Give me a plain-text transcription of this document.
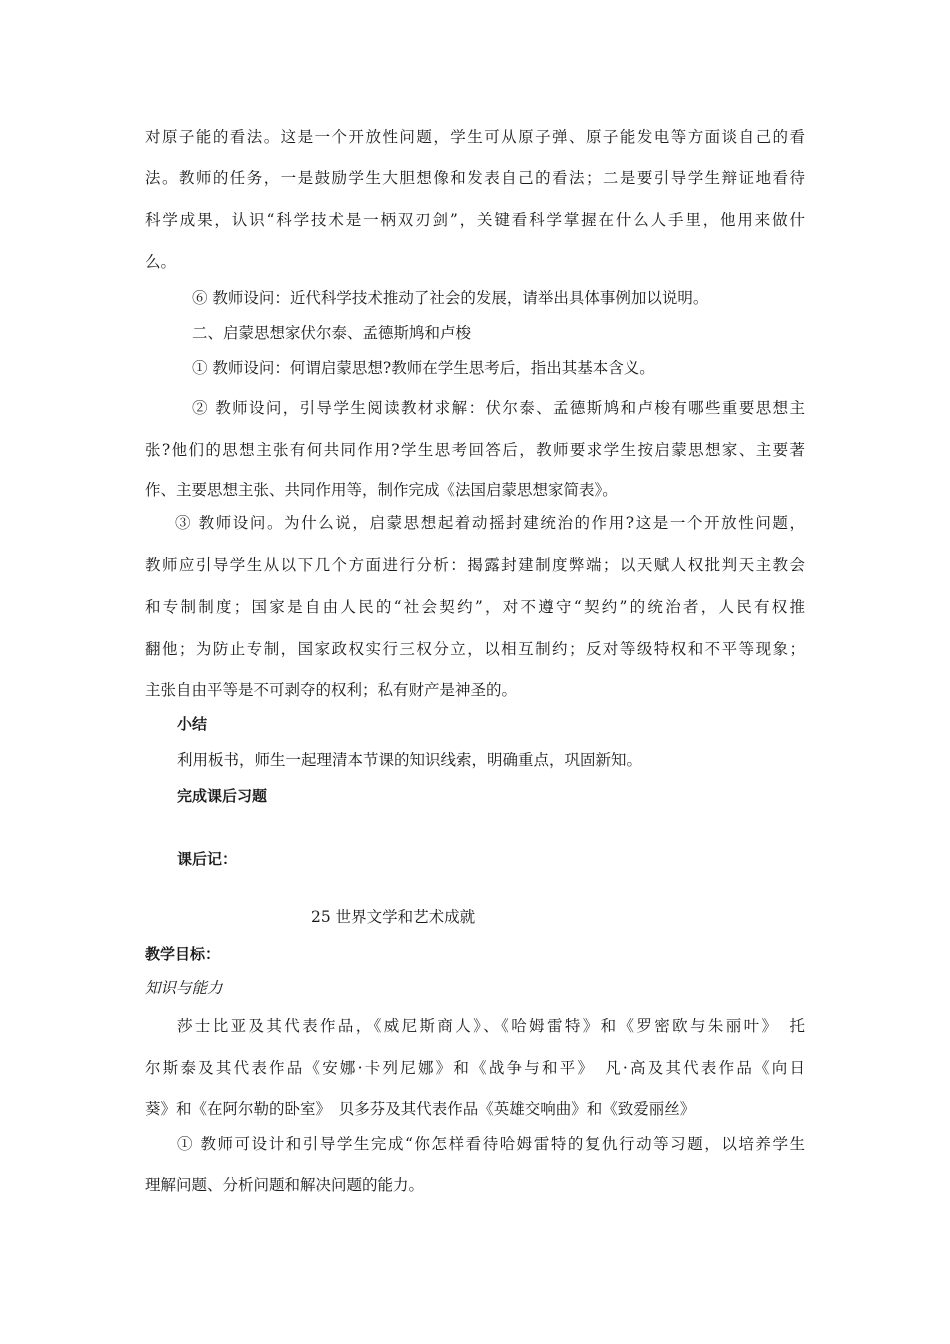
对原子能的看法。这是一个开放性问题，学生可从原子弹、原子能发电等方面谈自己的看
法。教师的任务，一是鼓励学生大胆想像和发表自己的看法；二是要引导学生辩证地看待
科学成果，认识“科学技术是一柄双刃剑”，关键看科学掌握在什么人手里，他用来做什
么。
⑥ 教师设问：近代科学技术推动了社会的发展，请举出具体事例加以说明。
二、启蒙思想家伏尔泰、孟德斯鸠和卢梭
① 教师设问：何谓启蒙思想?教师在学生思考后，指出其基本含义。
② 教师设问，引导学生阅读教材求解：伏尔泰、孟德斯鸠和卢梭有哪些重要思想主
张?他们的思想主张有何共同作用?学生思考回答后，教师要求学生按启蒙思想家、主要著
作、主要思想主张、共同作用等，制作完成《法国启蒙思想家简表》。
③ 教师设问。为什么说，启蒙思想起着动摇封建统治的作用?这是一个开放性问题，
教师应引导学生从以下几个方面进行分析：揭露封建制度弊端；以天赋人权批判天主教会
和专制制度；国家是自由人民的“社会契约”，对不遵守“契约”的统治者，人民有权推
翻他；为防止专制，国家政权实行三权分立，以相互制约；反对等级特权和不平等现象；
主张自由平等是不可剥夺的权利；私有财产是神圣的。
小结
利用板书，师生一起理清本节课的知识线索，明确重点，巩固新知。
完成课后习题
课后记：
25 世界文学和艺术成就
教学目标：
知识与能力
莎士比亚及其代表作品，《威尼斯商人》、《哈姆雷特》和《罗密欧与朱丽叶》　托
尔斯泰及其代表作品《安娜·卡列尼娜》和《战争与和平》　凡·高及其代表作品《向日
葵》和《在阿尔勒的卧室》　贝多芬及其代表作品《英雄交响曲》和《致爱丽丝》
① 教师可设计和引导学生完成“你怎样看待哈姆雷特的复仇行动等习题，以培养学生
理解问题、分析问题和解决问题的能力。
